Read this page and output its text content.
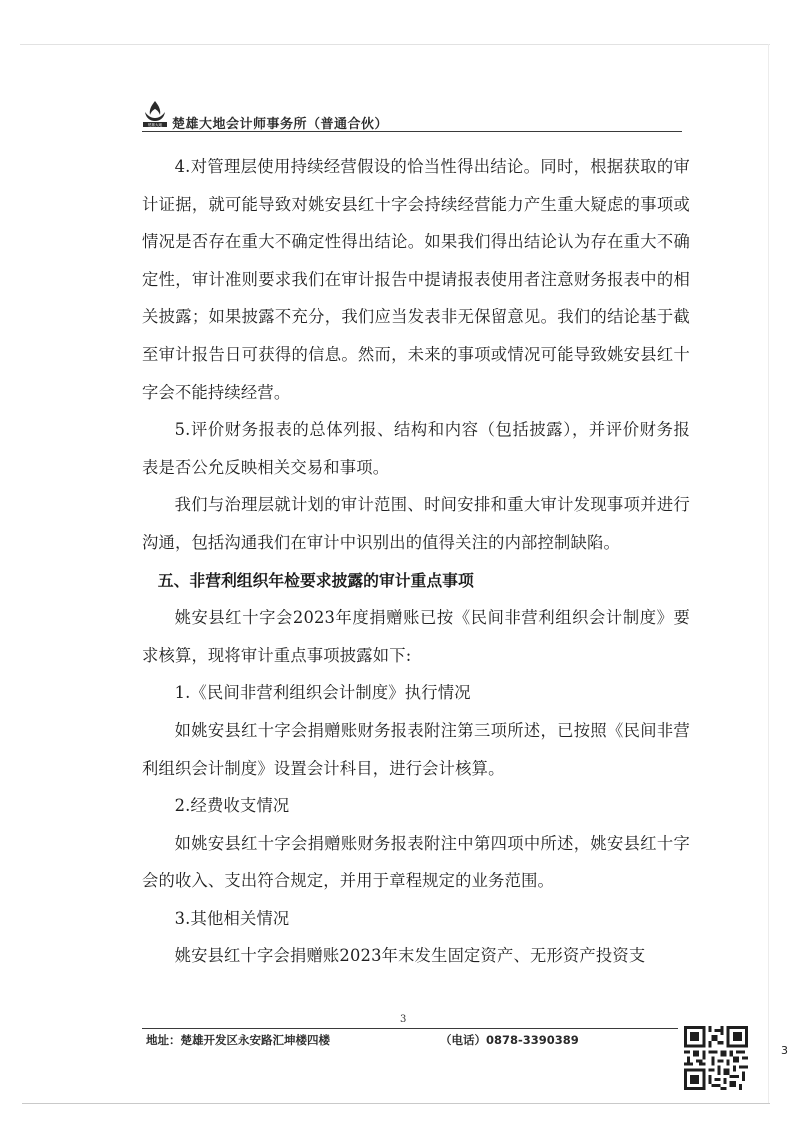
楚雄大地 楚雄大地会计师事务所（普通合伙）

4.对管理层使用持续经营假设的恰当性得出结论。同时，根据获取的审计证据，就可能导致对姚安县红十字会持续经营能力产生重大疑虑的事项或情况是否存在重大不确定性得出结论。如果我们得出结论认为存在重大不确定性，审计准则要求我们在审计报告中提请报表使用者注意财务报表中的相关披露；如果披露不充分，我们应当发表非无保留意见。我们的结论基于截至审计报告日可获得的信息。然而，未来的事项或情况可能导致姚安县红十字会不能持续经营。

5.评价财务报表的总体列报、结构和内容（包括披露），并评价财务报表是否公允反映相关交易和事项。

我们与治理层就计划的审计范围、时间安排和重大审计发现事项并进行沟通，包括沟通我们在审计中识别出的值得关注的内部控制缺陷。

五、非营利组织年检要求披露的审计重点事项

姚安县红十字会2023年度捐赠账已按《民间非营利组织会计制度》要求核算，现将审计重点事项披露如下:

1.《民间非营利组织会计制度》执行情况

如姚安县红十字会捐赠账财务报表附注第三项所述，已按照《民间非营利组织会计制度》设置会计科目，进行会计核算。

2.经费收支情况

如姚安县红十字会捐赠账财务报表附注中第四项中所述，姚安县红十字会的收入、支出符合规定，并用于章程规定的业务范围。

3.其他相关情况

姚安县红十字会捐赠账2023年末发生固定资产、无形资产投资支

3
地址：楚雄开发区永安路汇坤楼四楼	（电话）0878-3390389
3
